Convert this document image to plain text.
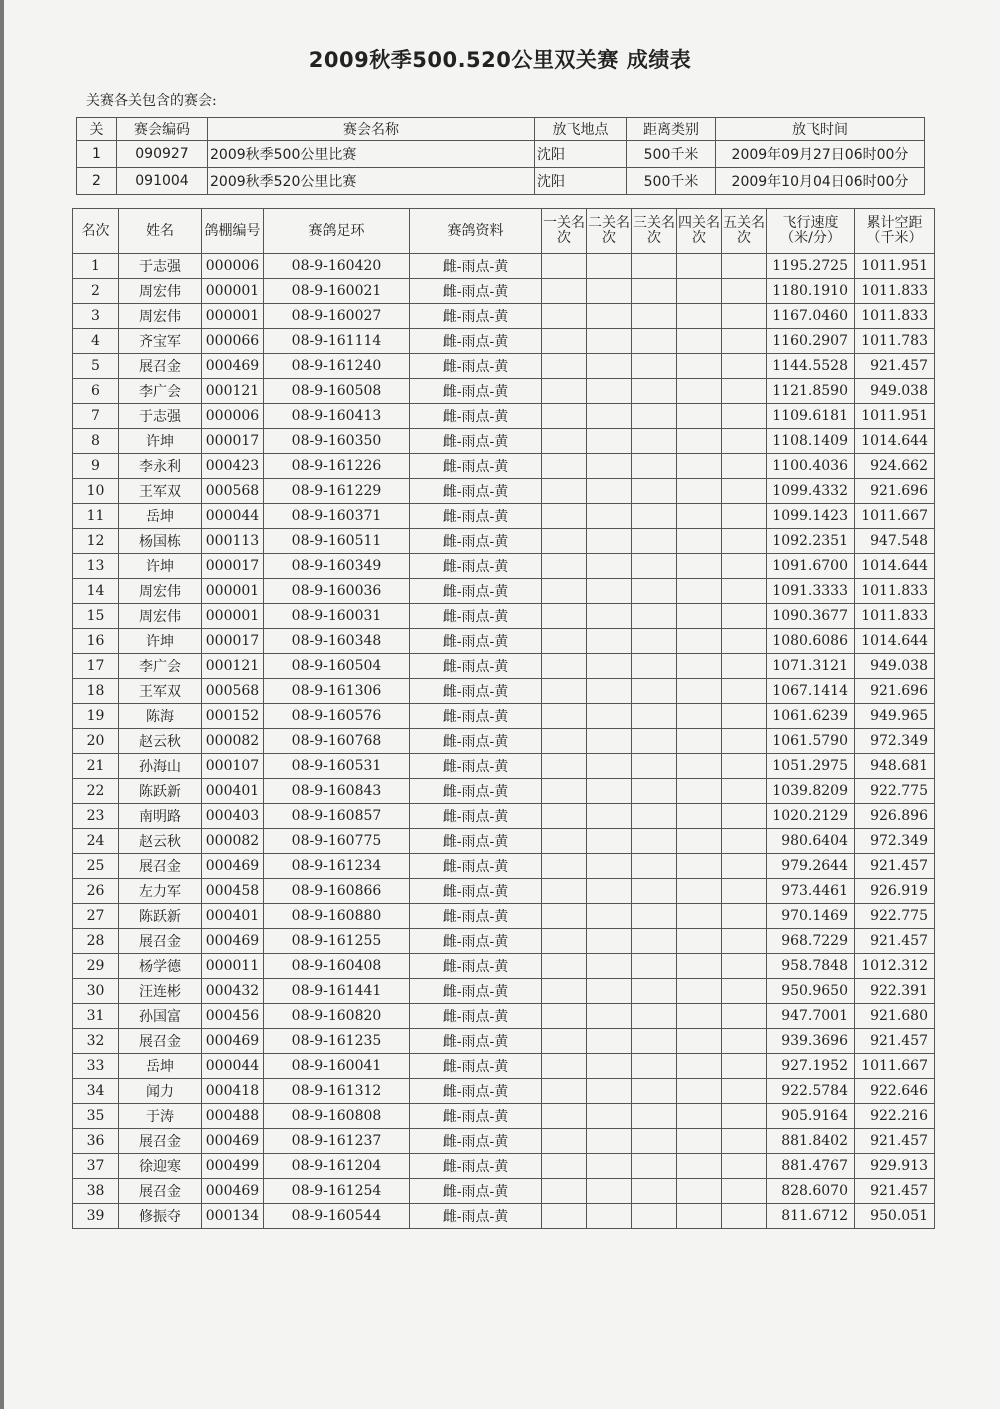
2009秋季500.520公里双关赛 成绩表
关赛各关包含的赛会:
关	赛会编码	赛会名称	放飞地点	距离类别	放飞时间
1	090927	2009秋季500公里比赛	沈阳	500千米	2009年09月27日06时00分
2	091004	2009秋季520公里比赛	沈阳	500千米	2009年10月04日06时00分
名次	姓名	鸽棚编号	赛鸽足环	赛鸽资料	一关名次	二关名次	三关名次	四关名次	五关名次	飞行速度（米/分）	累计空距（千米）
1	于志强	000006	08-9-160420	雌-雨点-黄						1195.2725	1011.951
2	周宏伟	000001	08-9-160021	雌-雨点-黄						1180.1910	1011.833
3	周宏伟	000001	08-9-160027	雌-雨点-黄						1167.0460	1011.833
4	齐宝军	000066	08-9-161114	雌-雨点-黄						1160.2907	1011.783
5	展召金	000469	08-9-161240	雌-雨点-黄						1144.5528	921.457
6	李广会	000121	08-9-160508	雌-雨点-黄						1121.8590	949.038
7	于志强	000006	08-9-160413	雌-雨点-黄						1109.6181	1011.951
8	许坤	000017	08-9-160350	雌-雨点-黄						1108.1409	1014.644
9	李永利	000423	08-9-161226	雌-雨点-黄						1100.4036	924.662
10	王军双	000568	08-9-161229	雌-雨点-黄						1099.4332	921.696
11	岳坤	000044	08-9-160371	雌-雨点-黄						1099.1423	1011.667
12	杨国栋	000113	08-9-160511	雌-雨点-黄						1092.2351	947.548
13	许坤	000017	08-9-160349	雌-雨点-黄						1091.6700	1014.644
14	周宏伟	000001	08-9-160036	雌-雨点-黄						1091.3333	1011.833
15	周宏伟	000001	08-9-160031	雌-雨点-黄						1090.3677	1011.833
16	许坤	000017	08-9-160348	雌-雨点-黄						1080.6086	1014.644
17	李广会	000121	08-9-160504	雌-雨点-黄						1071.3121	949.038
18	王军双	000568	08-9-161306	雌-雨点-黄						1067.1414	921.696
19	陈海	000152	08-9-160576	雌-雨点-黄						1061.6239	949.965
20	赵云秋	000082	08-9-160768	雌-雨点-黄						1061.5790	972.349
21	孙海山	000107	08-9-160531	雌-雨点-黄						1051.2975	948.681
22	陈跃新	000401	08-9-160843	雌-雨点-黄						1039.8209	922.775
23	南明路	000403	08-9-160857	雌-雨点-黄						1020.2129	926.896
24	赵云秋	000082	08-9-160775	雌-雨点-黄						980.6404	972.349
25	展召金	000469	08-9-161234	雌-雨点-黄						979.2644	921.457
26	左力军	000458	08-9-160866	雌-雨点-黄						973.4461	926.919
27	陈跃新	000401	08-9-160880	雌-雨点-黄						970.1469	922.775
28	展召金	000469	08-9-161255	雌-雨点-黄						968.7229	921.457
29	杨学德	000011	08-9-160408	雌-雨点-黄						958.7848	1012.312
30	汪连彬	000432	08-9-161441	雌-雨点-黄						950.9650	922.391
31	孙国富	000456	08-9-160820	雌-雨点-黄						947.7001	921.680
32	展召金	000469	08-9-161235	雌-雨点-黄						939.3696	921.457
33	岳坤	000044	08-9-160041	雌-雨点-黄						927.1952	1011.667
34	闻力	000418	08-9-161312	雌-雨点-黄						922.5784	922.646
35	于涛	000488	08-9-160808	雌-雨点-黄						905.9164	922.216
36	展召金	000469	08-9-161237	雌-雨点-黄						881.8402	921.457
37	徐迎寒	000499	08-9-161204	雌-雨点-黄						881.4767	929.913
38	展召金	000469	08-9-161254	雌-雨点-黄						828.6070	921.457
39	修振夺	000134	08-9-160544	雌-雨点-黄						811.6712	950.051
